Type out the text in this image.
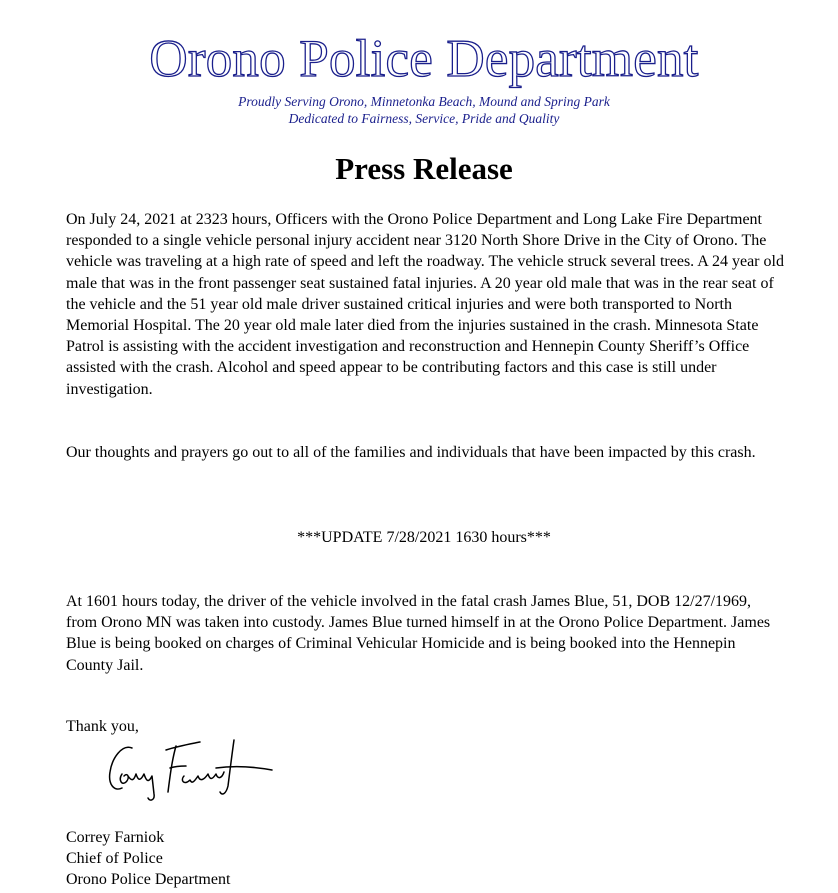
Orono Police Department

Proudly Serving Orono, Minnetonka Beach, Mound and Spring Park

Dedicated to Fairness, Service, Pride and Quality

Press Release

On July 24, 2021 at 2323 hours, Officers with the Orono Police Department and Long Lake Fire Department responded to a single vehicle personal injury accident near 3120 North Shore Drive in the City of Orono. The vehicle was traveling at a high rate of speed and left the roadway. The vehicle struck several trees. A 24 year old male that was in the front passenger seat sustained fatal injuries. A 20 year old male that was in the rear seat of the vehicle and the 51 year old male driver sustained critical injuries and were both transported to North Memorial Hospital. The 20 year old male later died from the injuries sustained in the crash. Minnesota State Patrol is assisting with the accident investigation and reconstruction and Hennepin County Sheriff’s Office assisted with the crash. Alcohol and speed appear to be contributing factors and this case is still under investigation.

Our thoughts and prayers go out to all of the families and individuals that have been impacted by this crash.

***UPDATE 7/28/2021 1630 hours***

At 1601 hours today, the driver of the vehicle involved in the fatal crash James Blue, 51, DOB 12/27/1969, from Orono MN was taken into custody. James Blue turned himself in at the Orono Police Department. James Blue is being booked on charges of Criminal Vehicular Homicide and is being booked into the Hennepin County Jail.

Thank you,

Correy Farniok
Chief of Police
Orono Police Department
